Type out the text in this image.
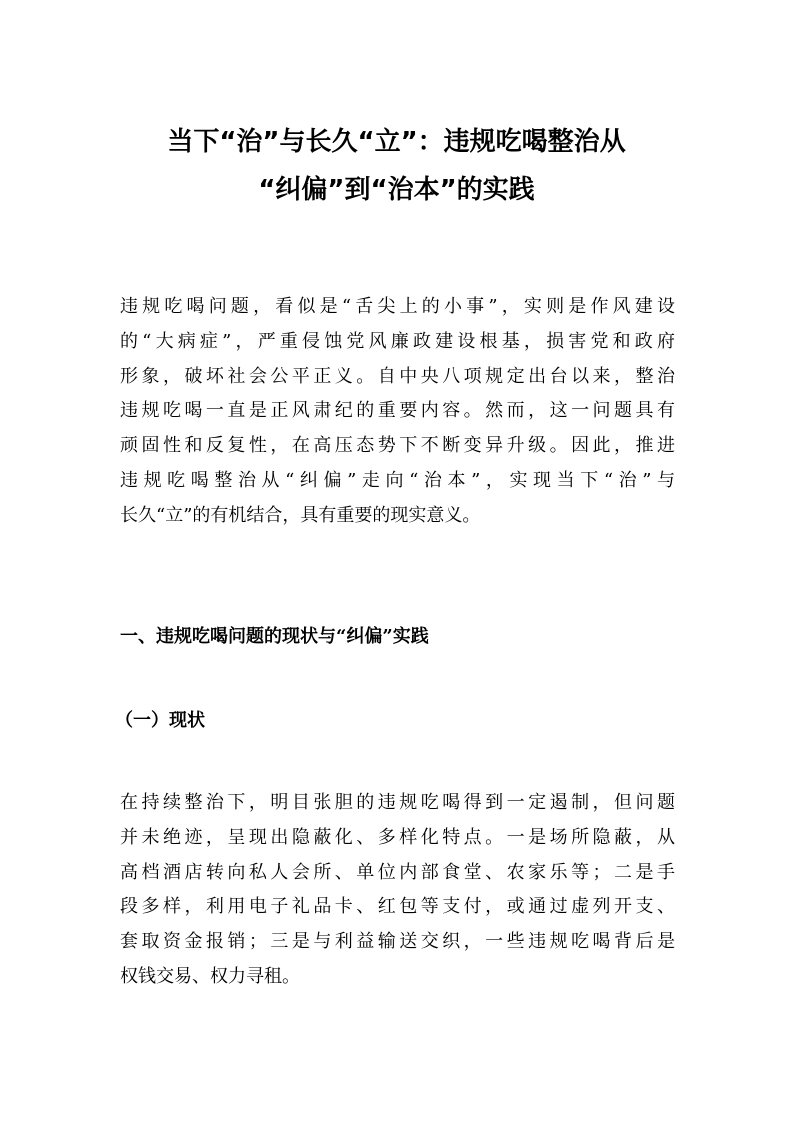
当下“治”与长久“立”：违规吃喝整治从
“纠偏”到“治本”的实践

违规吃喝问题，看似是“舌尖上的小事”，实则是作风建设
的“大病症”，严重侵蚀党风廉政建设根基，损害党和政府
形象，破坏社会公平正义。自中央八项规定出台以来，整治
违规吃喝一直是正风肃纪的重要内容。然而，这一问题具有
顽固性和反复性，在高压态势下不断变异升级。因此，推进
违规吃喝整治从“纠偏”走向“治本”，实现当下“治”与
长久“立”的有机结合，具有重要的现实意义。

一、违规吃喝问题的现状与“纠偏”实践
（一）现状

在持续整治下，明目张胆的违规吃喝得到一定遏制，但问题
并未绝迹，呈现出隐蔽化、多样化特点。一是场所隐蔽，从
高档酒店转向私人会所、单位内部食堂、农家乐等；二是手
段多样，利用电子礼品卡、红包等支付，或通过虚列开支、
套取资金报销；三是与利益输送交织，一些违规吃喝背后是
权钱交易、权力寻租。
